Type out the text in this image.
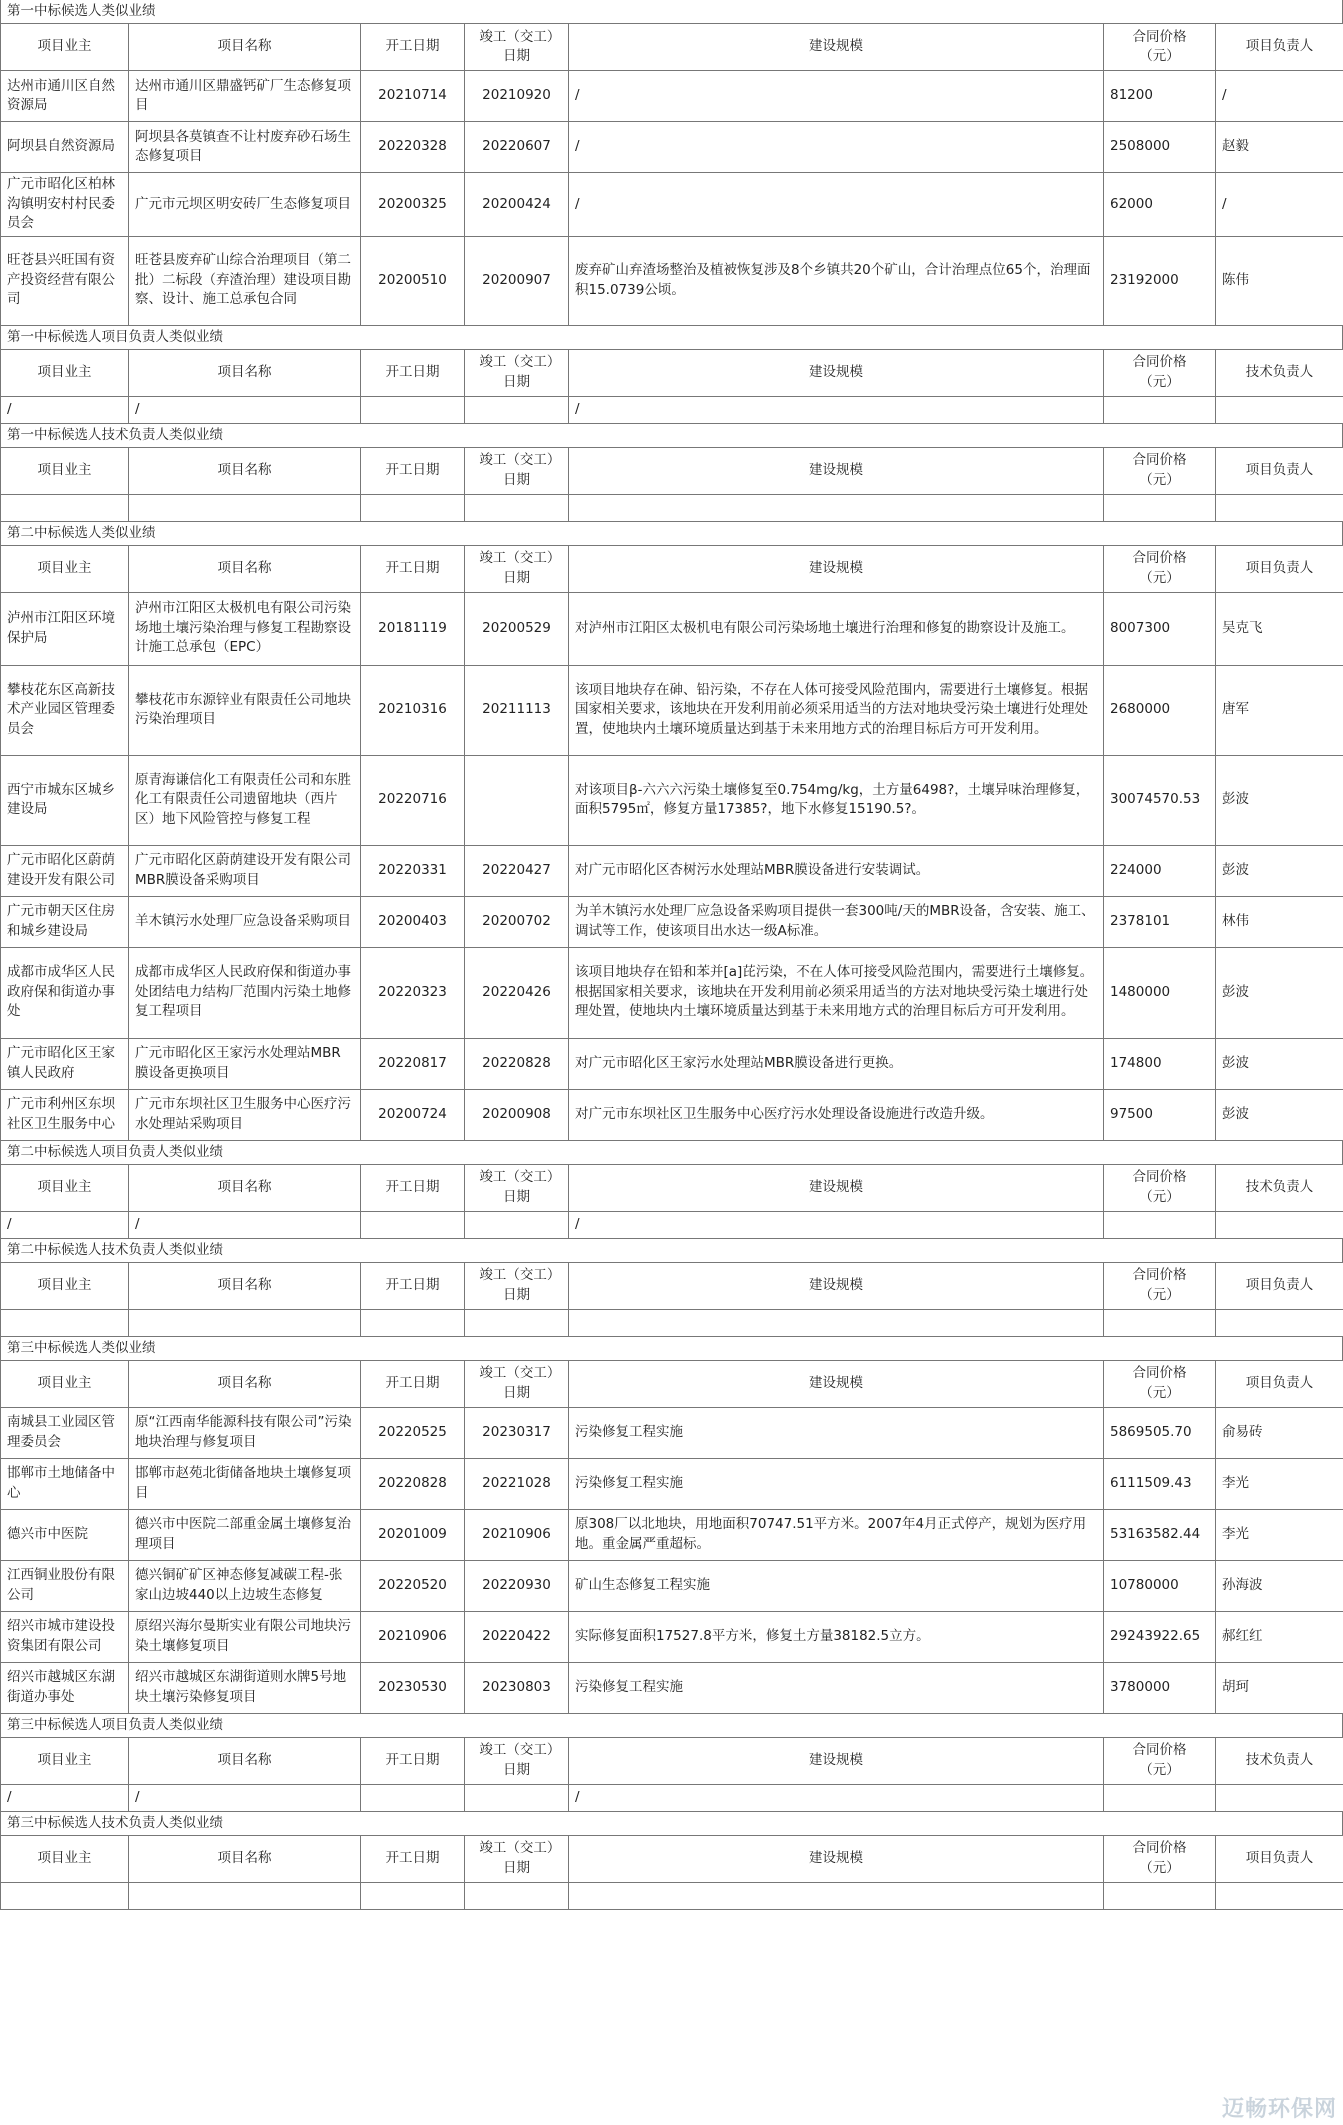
第一中标候选人类似业绩
项目业主	项目名称	开工日期	竣工（交工）日期	建设规模	合同价格（元）	项目负责人
达州市通川区自然资源局	达州市通川区鼎盛钙矿厂生态修复项目	20210714	20210920	/	81200	/
阿坝县自然资源局	阿坝县各莫镇查不让村废弃砂石场生态修复项目	20220328	20220607	/	2508000	赵毅
广元市昭化区柏林沟镇明安村村民委员会	广元市元坝区明安砖厂生态修复项目	20200325	20200424	/	62000	/
旺苍县兴旺国有资产投资经营有限公司	旺苍县废弃矿山综合治理项目（第二批）二标段（弃渣治理）建设项目勘察、设计、施工总承包合同	20200510	20200907	废弃矿山弃渣场整治及植被恢复涉及8个乡镇共20个矿山，合计治理点位65个，治理面积15.0739公顷。	23192000	陈伟
第一中标候选人项目负责人类似业绩
项目业主	项目名称	开工日期	竣工（交工）日期	建设规模	合同价格（元）	技术负责人
/	/			/		
第一中标候选人技术负责人类似业绩
项目业主	项目名称	开工日期	竣工（交工）日期	建设规模	合同价格（元）	项目负责人

第二中标候选人类似业绩
项目业主	项目名称	开工日期	竣工（交工）日期	建设规模	合同价格（元）	项目负责人
泸州市江阳区环境保护局	泸州市江阳区太极机电有限公司污染场地土壤污染治理与修复工程勘察设计施工总承包（EPC）	20181119	20200529	对泸州市江阳区太极机电有限公司污染场地土壤进行治理和修复的勘察设计及施工。	8007300	吴克飞
攀枝花东区高新技术产业园区管理委员会	攀枝花市东源锌业有限责任公司地块污染治理项目	20210316	20211113	该项目地块存在砷、铅污染，不存在人体可接受风险范围内，需要进行土壤修复。根据国家相关要求，该地块在开发利用前必须采用适当的方法对地块受污染土壤进行处理处置，使地块内土壤环境质量达到基于未来用地方式的治理目标后方可开发利用。	2680000	唐军
西宁市城东区城乡建设局	原青海谦信化工有限责任公司和东胜化工有限责任公司遗留地块（西片区）地下风险管控与修复工程	20220716		对该项目β-六六六污染土壤修复至0.754mg/kg，土方量6498?，土壤异味治理修复，面积5795㎡，修复方量17385?，地下水修复15190.5?。	30074570.53	彭波
广元市昭化区蔚荫建设开发有限公司	广元市昭化区蔚荫建设开发有限公司MBR膜设备采购项目	20220331	20220427	对广元市昭化区杏树污水处理站MBR膜设备进行安装调试。	224000	彭波
广元市朝天区住房和城乡建设局	羊木镇污水处理厂应急设备采购项目	20200403	20200702	为羊木镇污水处理厂应急设备采购项目提供一套300吨/天的MBR设备，含安装、施工、调试等工作，使该项目出水达一级A标准。	2378101	林伟
成都市成华区人民政府保和街道办事处	成都市成华区人民政府保和街道办事处团结电力结构厂范围内污染土地修复工程项目	20220323	20220426	该项目地块存在铅和苯并[a]芘污染，不在人体可接受风险范围内，需要进行土壤修复。根据国家相关要求，该地块在开发利用前必须采用适当的方法对地块受污染土壤进行处理处置，使地块内土壤环境质量达到基于未来用地方式的治理目标后方可开发利用。	1480000	彭波
广元市昭化区王家镇人民政府	广元市昭化区王家污水处理站MBR膜设备更换项目	20220817	20220828	对广元市昭化区王家污水处理站MBR膜设备进行更换。	174800	彭波
广元市利州区东坝社区卫生服务中心	广元市东坝社区卫生服务中心医疗污水处理站采购项目	20200724	20200908	对广元市东坝社区卫生服务中心医疗污水处理设备设施进行改造升级。	97500	彭波
第二中标候选人项目负责人类似业绩
项目业主	项目名称	开工日期	竣工（交工）日期	建设规模	合同价格（元）	技术负责人
/	/			/		
第二中标候选人技术负责人类似业绩
项目业主	项目名称	开工日期	竣工（交工）日期	建设规模	合同价格（元）	项目负责人

第三中标候选人类似业绩
项目业主	项目名称	开工日期	竣工（交工）日期	建设规模	合同价格（元）	项目负责人
南城县工业园区管理委员会	原“江西南华能源科技有限公司”污染地块治理与修复项目	20220525	20230317	污染修复工程实施	5869505.70	俞易砖
邯郸市土地储备中心	邯郸市赵苑北街储备地块土壤修复项目	20220828	20221028	污染修复工程实施	6111509.43	李光
德兴市中医院	德兴市中医院二部重金属土壤修复治理项目	20201009	20210906	原308厂以北地块，用地面积70747.51平方米。2007年4月正式停产，规划为医疗用地。重金属严重超标。	53163582.44	李光
江西铜业股份有限公司	德兴铜矿矿区神态修复减碳工程-张家山边坡440以上边坡生态修复	20220520	20220930	矿山生态修复工程实施	10780000	孙海波
绍兴市城市建设投资集团有限公司	原绍兴海尔曼斯实业有限公司地块污染土壤修复项目	20210906	20220422	实际修复面积17527.8平方米，修复土方量38182.5立方。	29243922.65	郝红红
绍兴市越城区东湖街道办事处	绍兴市越城区东湖街道则水牌5号地块土壤污染修复项目	20230530	20230803	污染修复工程实施	3780000	胡珂
第三中标候选人项目负责人类似业绩
项目业主	项目名称	开工日期	竣工（交工）日期	建设规模	合同价格（元）	技术负责人
/	/			/		
第三中标候选人技术负责人类似业绩
项目业主	项目名称	开工日期	竣工（交工）日期	建设规模	合同价格（元）	项目负责人

迈畅环保网
